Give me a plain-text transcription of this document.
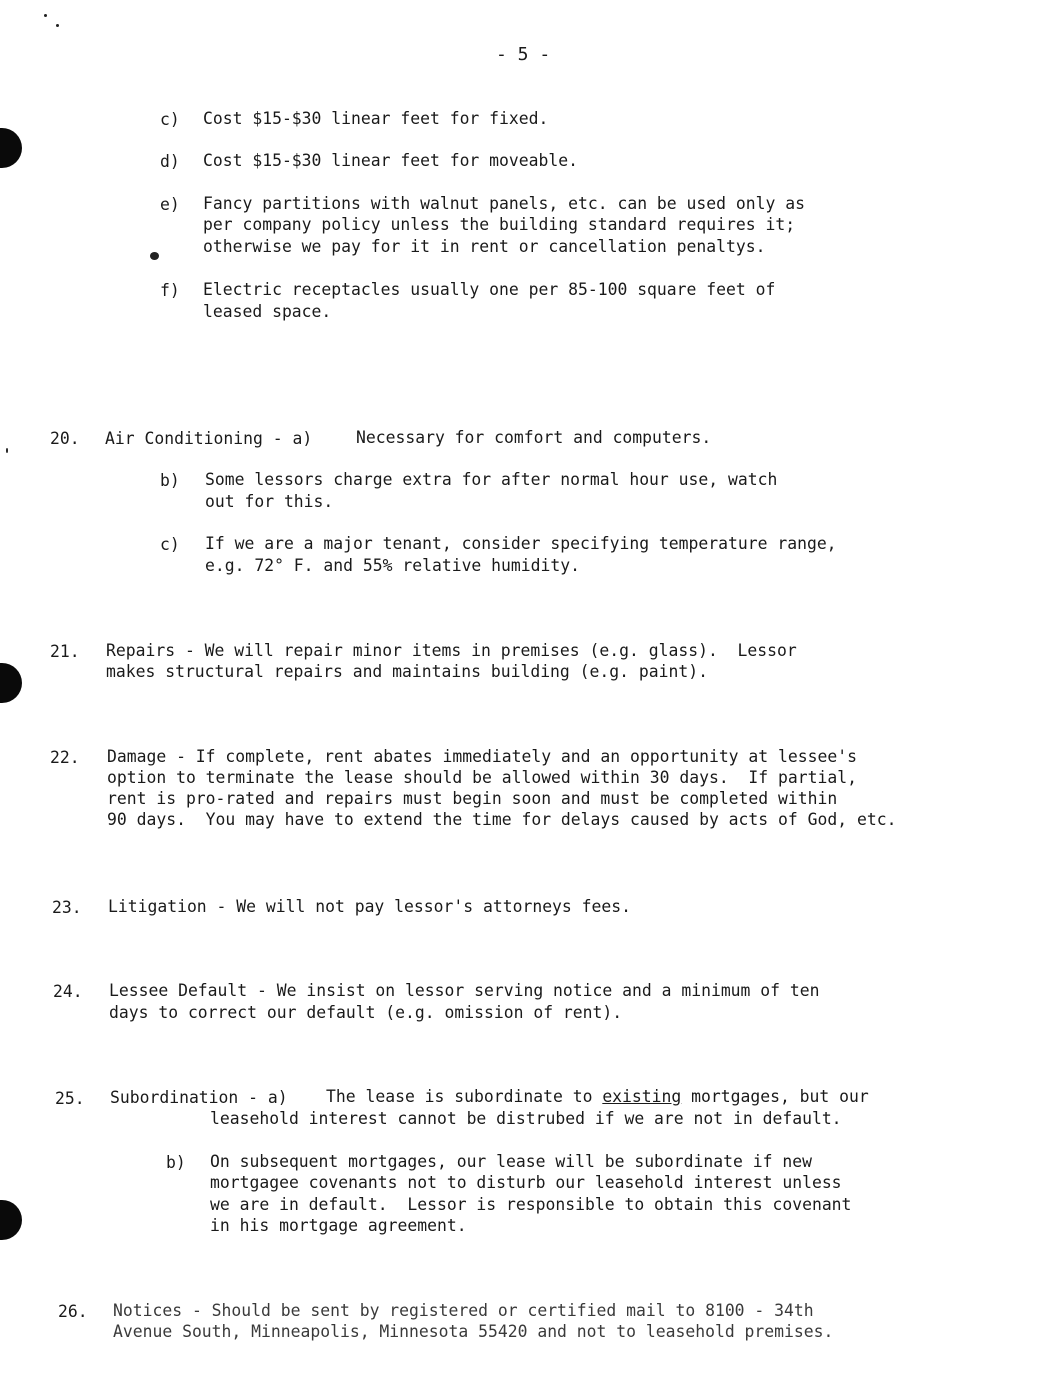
- 5 -
c) Cost $15-$30 linear feet for fixed.
d) Cost $15-$30 linear feet for moveable.
e) Fancy partitions with walnut panels, etc. can be used only as
per company policy unless the building standard requires it;
otherwise we pay for it in rent or cancellation penaltys.
f) Electric receptacles usually one per 85-100 square feet of
leased space.
20. Air Conditioning - a)	Necessary for comfort and computers.
b) Some lessors charge extra for after normal hour use, watch
out for this.
c) If we are a major tenant, consider specifying temperature range,
e.g. 72° F. and 55% relative humidity.
21. Repairs - We will repair minor items in premises (e.g. glass).  Lessor
makes structural repairs and maintains building (e.g. paint).
22. Damage - If complete, rent abates immediately and an opportunity at lessee's
option to terminate the lease should be allowed within 30 days.  If partial,
rent is pro-rated and repairs must begin soon and must be completed within
90 days.  You may have to extend the time for delays caused by acts of God, etc.
23. Litigation - We will not pay lessor's attorneys fees.
24. Lessee Default - We insist on lessor serving notice and a minimum of ten
days to correct our default (e.g. omission of rent).
25. Subordination - a) The lease is subordinate to existing mortgages, but our
leasehold interest cannot be distrubed if we are not in default.
b) On subsequent mortgages, our lease will be subordinate if new
mortgagee covenants not to disturb our leasehold interest unless
we are in default.  Lessor is responsible to obtain this covenant
in his mortgage agreement.
26. Notices - Should be sent by registered or certified mail to 8100 - 34th
Avenue South, Minneapolis, Minnesota 55420 and not to leasehold premises.
